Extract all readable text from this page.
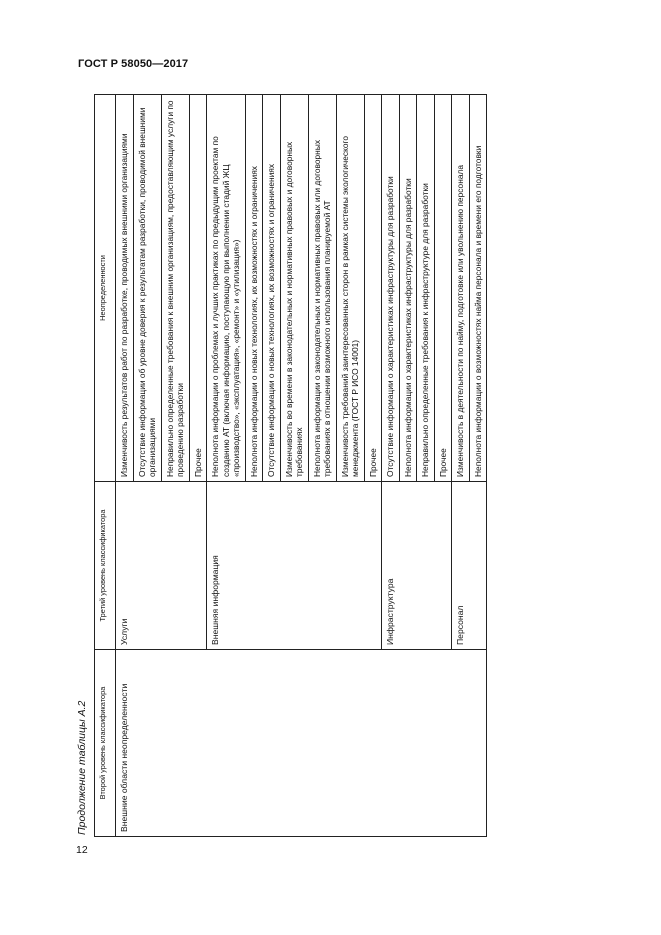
ГОСТ Р 58050—2017
12
Продолжение таблицы А.2	Второй уровень классификатора	Третий уровень классификатора	Неопределенности
Внешние области неопределенности	Услуги	Изменчивость результатов работ по разработке, проводимых внешними организациями
		Отсутствие информации об уровне доверия к результатам разработки, проводимой внешними организациями
		Неправильно определенные требования к внешним организациям, предоставляющим услуги по проведению разработки
		Прочее
	Внешняя информация	Неполнота информации о проблемах и лучших практиках по предыдущим проектам по созданию АТ (включая информацию, поступающую при выполнении стадий ЖЦ «производство», «эксплуатация», «ремонт» и «утилизация»)
		Неполнота информации о новых технологиях, их возможностях и ограничениях
		Отсутствие информации о новых технологиях, их возможностях и ограничениях
		Изменчивость во времени в законодательных и нормативных правовых и договорных требованиях
		Неполнота информации о законодательных и нормативных правовых или договорных требованиях в отношении возможного использования планируемой АТ
		Изменчивость требований заинтересованных сторон в рамках системы экологического менеджмента (ГОСТ Р ИСО 14001)
		Прочее
	Инфраструктура	Отсутствие информации о характеристиках инфраструктуры для разработки
		Неполнота информации о характеристиках инфраструктуры для разработки
		Неправильно определенные требования к инфраструктуре для разработки
		Прочее
	Персонал	Изменчивость в деятельности по найму, подготовке или увольнению персонала
		Неполнота информации о возможностях найма персонала и времени его подготовки
